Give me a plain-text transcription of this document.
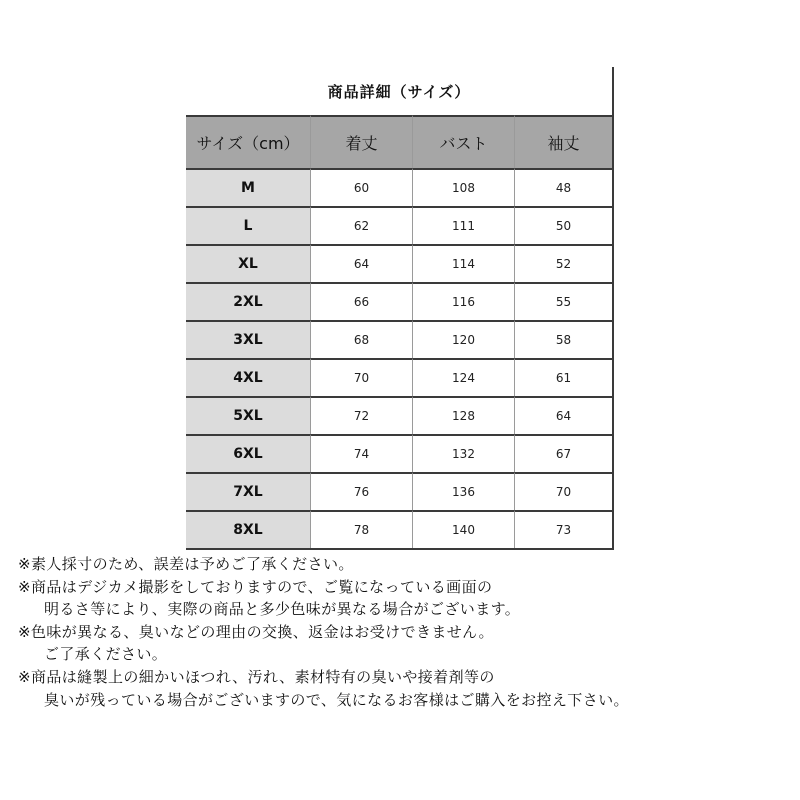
商品詳細（サイズ）
サイズ（cm）	着丈	バスト	袖丈
M	60	108	48
L	62	111	50
XL	64	114	52
2XL	66	116	55
3XL	68	120	58
4XL	70	124	61
5XL	72	128	64
6XL	74	132	67
7XL	76	136	70
8XL	78	140	73
※素人採寸のため、誤差は予めご了承ください。
※商品はデジカメ撮影をしておりますので、ご覧になっている画面の
明るさ等により、実際の商品と多少色味が異なる場合がございます。
※色味が異なる、臭いなどの理由の交換、返金はお受けできません。
ご了承ください。
※商品は縫製上の細かいほつれ、汚れ、素材特有の臭いや接着剤等の
臭いが残っている場合がございますので、気になるお客様はご購入をお控え下さい。
